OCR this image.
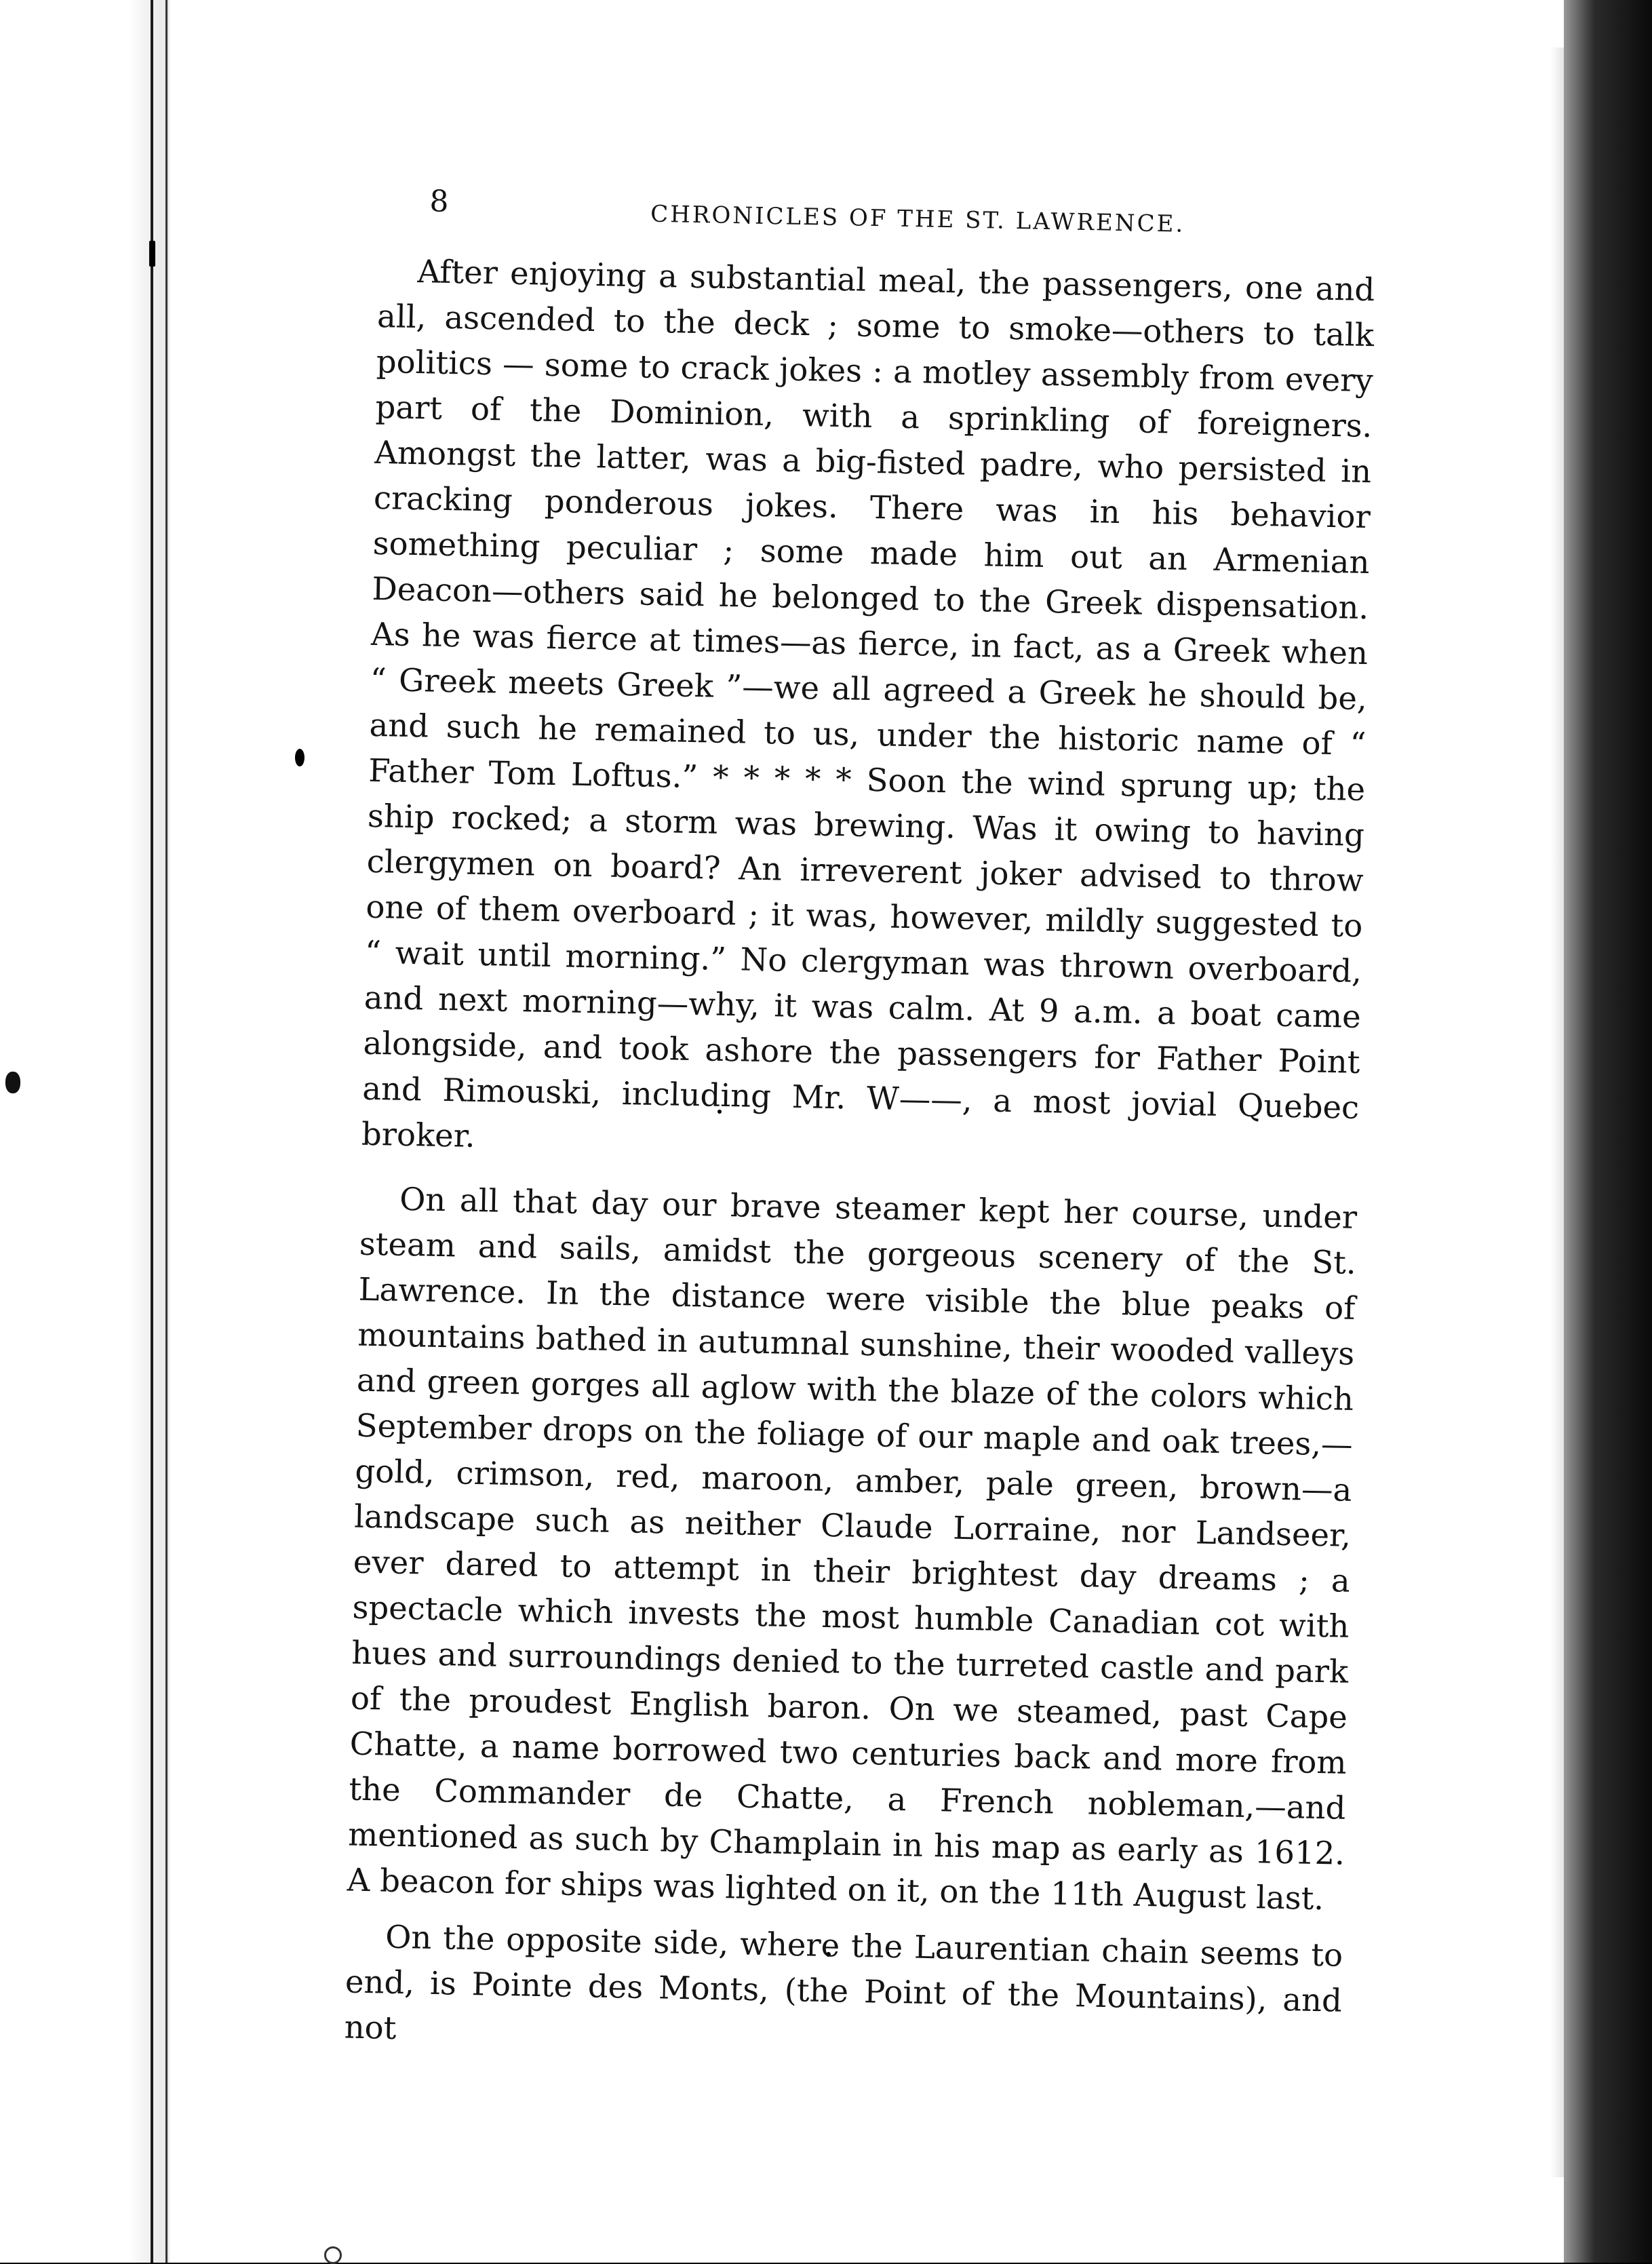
8	CHRONICLES OF THE ST. LAWRENCE.

After enjoying a substantial meal, the passengers, one and all, ascended to the deck ; some to smoke—others to talk politics — some to crack jokes : a motley assembly from every part of the Dominion, with a sprinkling of foreigners. Amongst the latter, was a big-fisted padre, who persisted in cracking ponderous jokes. There was in his behavior something peculiar ; some made him out an Armenian Deacon—others said he belonged to the Greek dispensation. As he was fierce at times—as fierce, in fact, as a Greek when “ Greek meets Greek ”—we all agreed a Greek he should be, and such he remained to us, under the historic name of “ Father Tom Loftus.” * * * * * Soon the wind sprung up; the ship rocked; a storm was brewing. Was it owing to having clergymen on board? An irreverent joker advised to throw one of them overboard ; it was, however, mildly suggested to “ wait until morning.” No clergyman was thrown overboard, and next morning—why, it was calm. At 9 a.m. a boat came alongside, and took ashore the passengers for Father Point and Rimouski, including Mr. W——, a most jovial Quebec broker.

On all that day our brave steamer kept her course, under steam and sails, amidst the gorgeous scenery of the St. Lawrence. In the distance were visible the blue peaks of mountains bathed in autumnal sunshine, their wooded valleys and green gorges all aglow with the blaze of the colors which September drops on the foliage of our maple and oak trees,—gold, crimson, red, maroon, amber, pale green, brown—a landscape such as neither Claude Lorraine, nor Landseer, ever dared to attempt in their brightest day dreams ; a spectacle which invests the most humble Canadian cot with hues and surroundings denied to the turreted castle and park of the proudest English baron. On we steamed, past Cape Chatte, a name borrowed two centuries back and more from the Commander de Chatte, a French nobleman,—and mentioned as such by Champlain in his map as early as 1612. A beacon for ships was lighted on it, on the 11th August last.

On the opposite side, where the Laurentian chain seems to end, is Pointe des Monts, (the Point of the Mountains), and not
